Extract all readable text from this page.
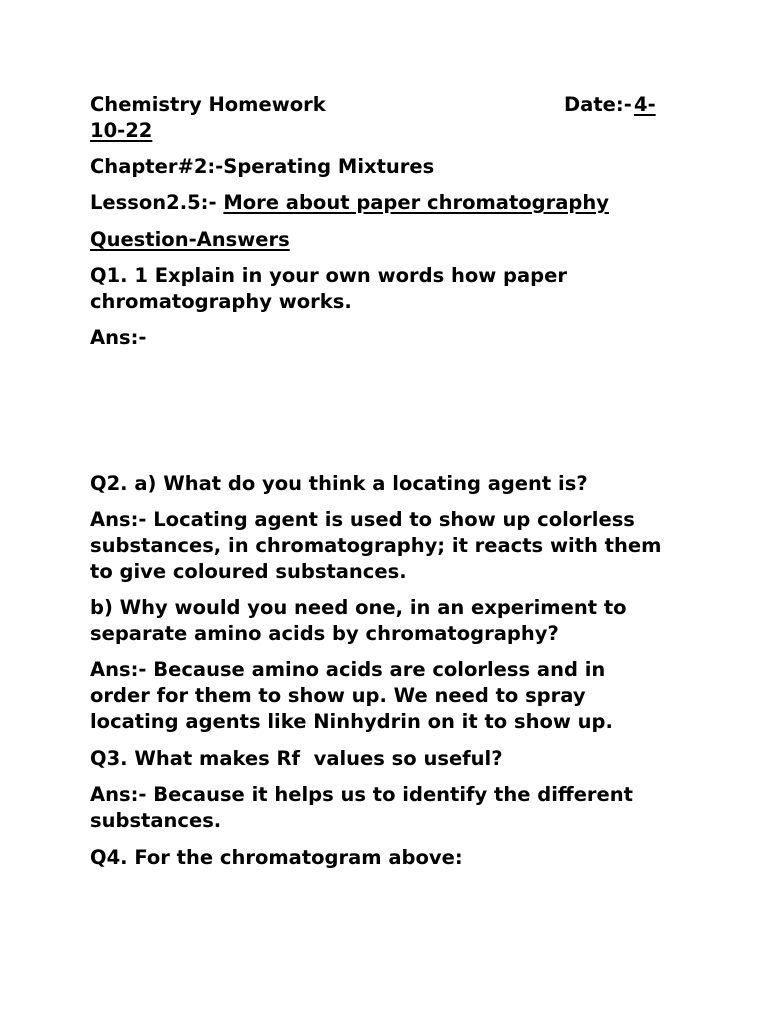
Chemistry Homework	Date:- 4-
10-22
Chapter#2:-Sperating Mixtures
Lesson2.5:- More about paper chromatography
Question-Answers
Q1. 1 Explain in your own words how paper chromatography works.
Ans:-
Q2. a) What do you think a locating agent is?
Ans:- Locating agent is used to show up colorless substances, in chromatography; it reacts with them to give coloured substances.
b) Why would you need one, in an experiment to separate amino acids by chromatography?
Ans:- Because amino acids are colorless and in order for them to show up. We need to spray locating agents like Ninhydrin on it to show up.
Q3. What makes Rf  values so useful?
Ans:- Because it helps us to identify the different substances.
Q4. For the chromatogram above:
